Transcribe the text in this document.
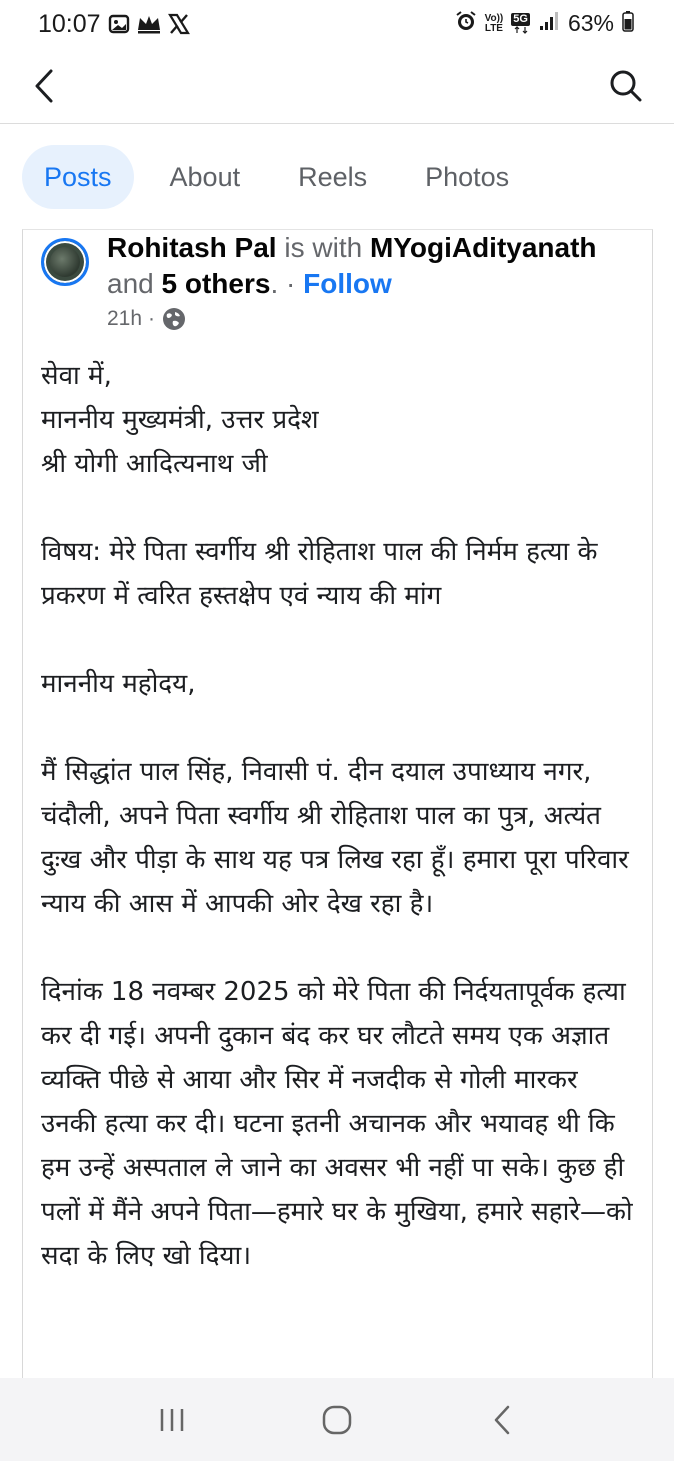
10:07	Vo))
LTE
5G 63%
Posts	About	Reels	Photos
Rohitash Pal is with MYogiAdityanath
and 5 others. · Follow
21h ·

सेवा में,
माननीय मुख्यमंत्री, उत्तर प्रदेश
श्री योगी आदित्यनाथ जी

विषय: मेरे पिता स्वर्गीय श्री रोहिताश पाल की निर्मम हत्या के प्रकरण में त्वरित हस्तक्षेप एवं न्याय की मांग

माननीय महोदय,

मैं सिद्धांत पाल सिंह, निवासी पं. दीन दयाल उपाध्याय नगर, चंदौली, अपने पिता स्वर्गीय श्री रोहिताश पाल का पुत्र, अत्यंत दुःख और पीड़ा के साथ यह पत्र लिख रहा हूँ। हमारा पूरा परिवार न्याय की आस में आपकी ओर देख रहा है।

दिनांक 18 नवम्बर 2025 को मेरे पिता की निर्दयतापूर्वक हत्या कर दी गई। अपनी दुकान बंद कर घर लौटते समय एक अज्ञात व्यक्ति पीछे से आया और सिर में नजदीक से गोली मारकर उनकी हत्या कर दी। घटना इतनी अचानक और भयावह थी कि हम उन्हें अस्पताल ले जाने का अवसर भी नहीं पा सके। कुछ ही पलों में मैंने अपने पिता—हमारे घर के मुखिया, हमारे सहारे—को सदा के लिए खो दिया।
